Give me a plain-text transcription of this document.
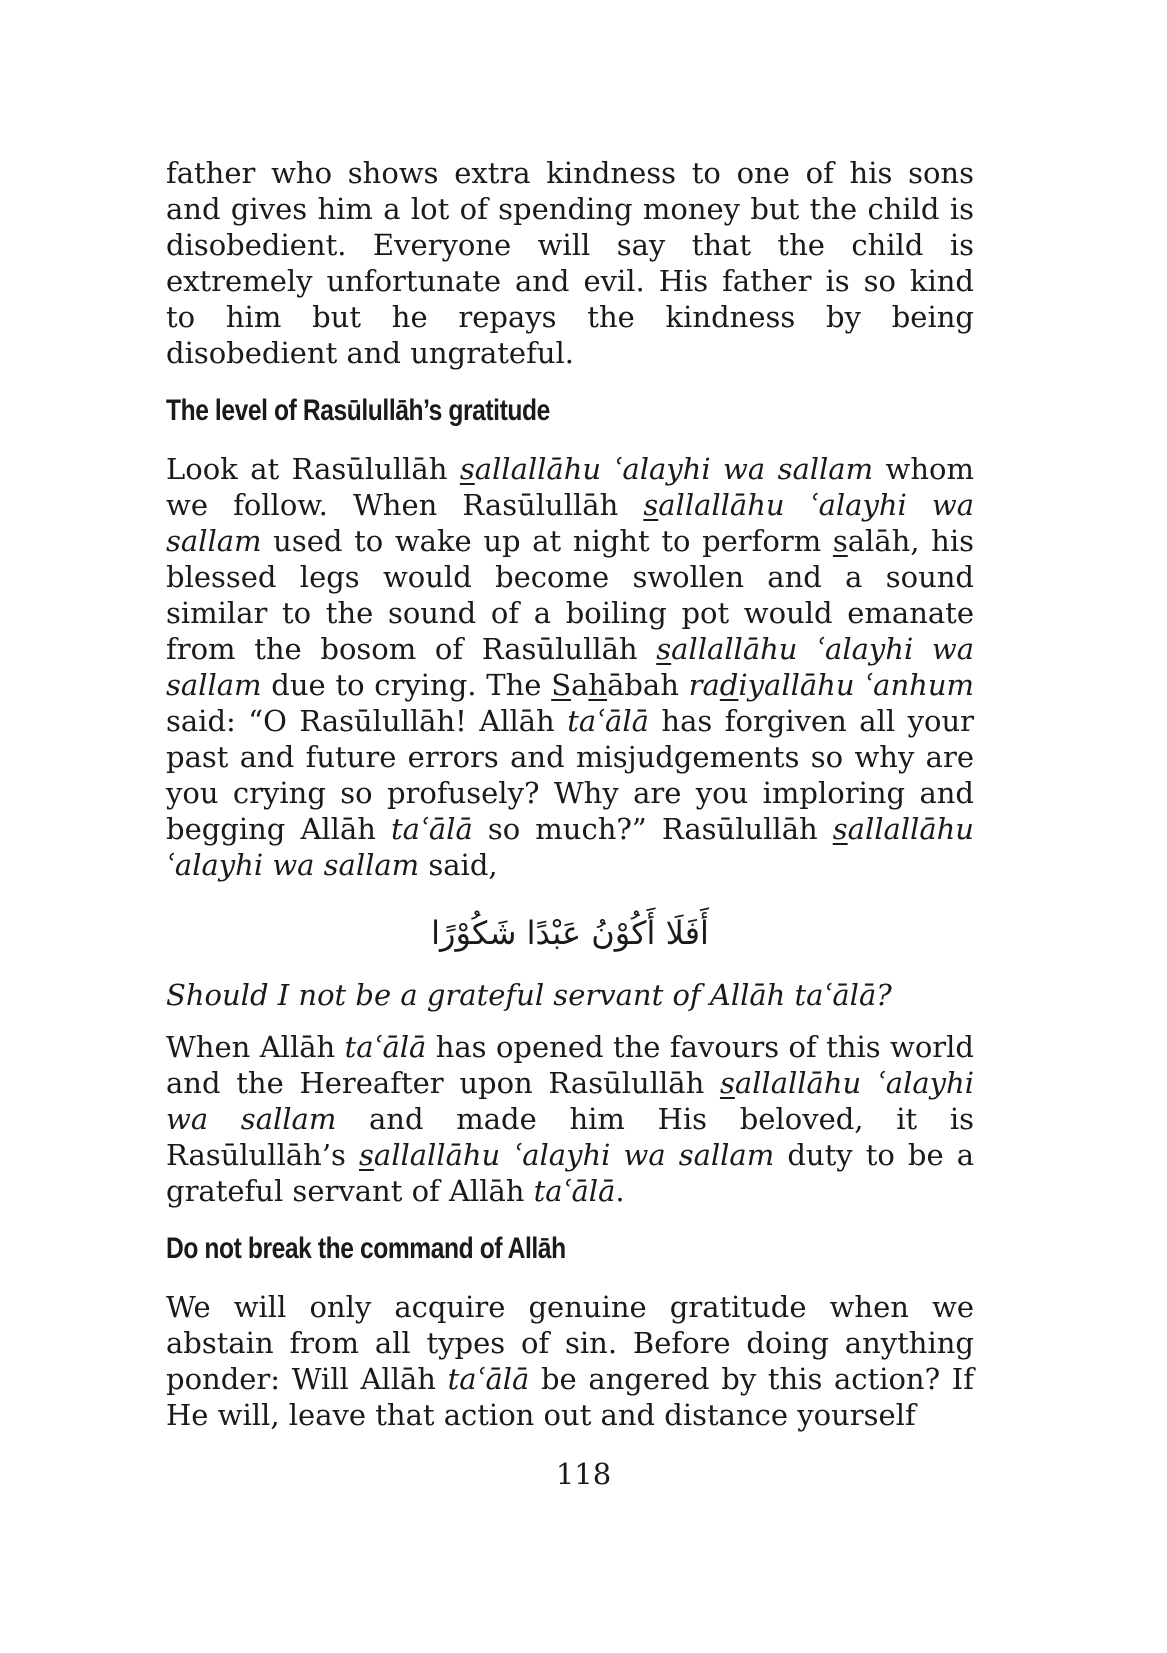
father who shows extra kindness to one of his sons and gives him a lot of spending money but the child is disobedient. Everyone will say that the child is extremely unfortunate and evil. His father is so kind to him but he repays the kindness by being disobedient and ungrateful.

The level of Rasūlullāh’s gratitude

Look at Rasūlullāh sallallāhu ʿalayhi wa sallam whom we follow. When Rasūlullāh sallallāhu ʿalayhi wa sallam used to wake up at night to perform salāh, his blessed legs would become swollen and a sound similar to the sound of a boiling pot would emanate from the bosom of Rasūlullāh sallallāhu ʿalayhi wa sallam due to crying. The Sahābah radiyallāhu ʿanhum said: “O Rasūlullāh! Allāh taʿālā has forgiven all your past and future errors and misjudgements so why are you crying so profusely? Why are you imploring and begging Allāh taʿālā so much?” Rasūlullāh sallallāhu ʿalayhi wa sallam said,

أَفَلَا أَكُوْنُ عَبْدًا شَكُوْرًا

Should I not be a grateful servant of Allāh taʿālā?

When Allāh taʿālā has opened the favours of this world and the Hereafter upon Rasūlullāh sallallāhu ʿalayhi wa sallam and made him His beloved, it is Rasūlullāh’s sallallāhu ʿalayhi wa sallam duty to be a grateful servant of Allāh taʿālā.

Do not break the command of Allāh

We will only acquire genuine gratitude when we abstain from all types of sin. Before doing anything ponder: Will Allāh taʿālā be angered by this action? If He will, leave that action out and distance yourself

118
